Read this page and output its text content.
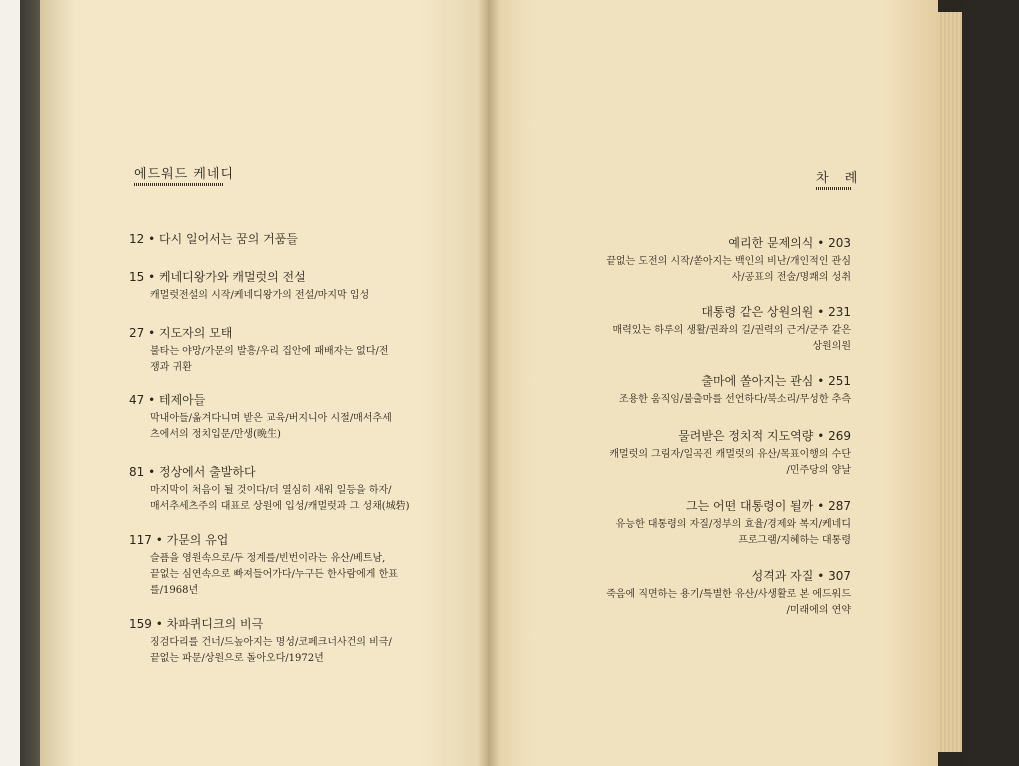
에드워드 케네디	차 례
12 • 다시 일어서는 꿈의 거품들
15 • 케네디왕가와 캐멀럿의 전설
캐멀럿전설의 시작/케네디왕가의 전설/마지막 입성
27 • 지도자의 모태
불타는 야망/가문의 발흥/우리 집안에 패배자는 없다/전
쟁과 귀환
47 • 테제아들
막내아들/옮겨다니며 받은 교육/버지니아 시절/매서추세
츠에서의 정치입문/만생(晩生)
81 • 정상에서 출발하다
마지막이 처음이 될 것이다/더 열심히 새워 일등을 하자/
매서추세츠주의 대표로 상원에 입성/캐멀럿과 그 성채(城砦)
117 • 가문의 유업
슬픔을 영원속으로/두 정계를/빈번이라는 유산/베트남,
끝없는 심연속으로 빠져들어가다/누구든 한사람에게 한표
를/1968년
159 • 차파퀴디크의 비극
징검다리를 건너/드높아지는 명성/코페크너사건의 비극/
끝없는 파문/상원으로 돌아오다/1972년
예리한 문제의식 • 203
끝없는 도전의 시작/쏟아지는 백인의 비난/개인적인 관심
사/공표의 전술/명쾌의 성취
대통령 같은 상원의원 • 231
매력있는 하루의 생활/권좌의 길/권력의 근거/군주 같은
상원의원
출마에 쏠아지는 관심 • 251
조용한 움직임/불출마를 선언하다/북소리/무성한 추측
물려받은 정치적 지도역량 • 269
캐멀럿의 그림자/일곡진 캐멀럿의 유산/목표이행의 수단
/민주당의 양날
그는 어떤 대통령이 될까 • 287
유능한 대통령의 자질/정부의 효율/경제와 복지/케네디
프로그램/지혜하는 대통령
성격과 자질 • 307
죽음에 직면하는 용기/특별한 유산/사생활로 본 에드워드
/미래에의 연약
